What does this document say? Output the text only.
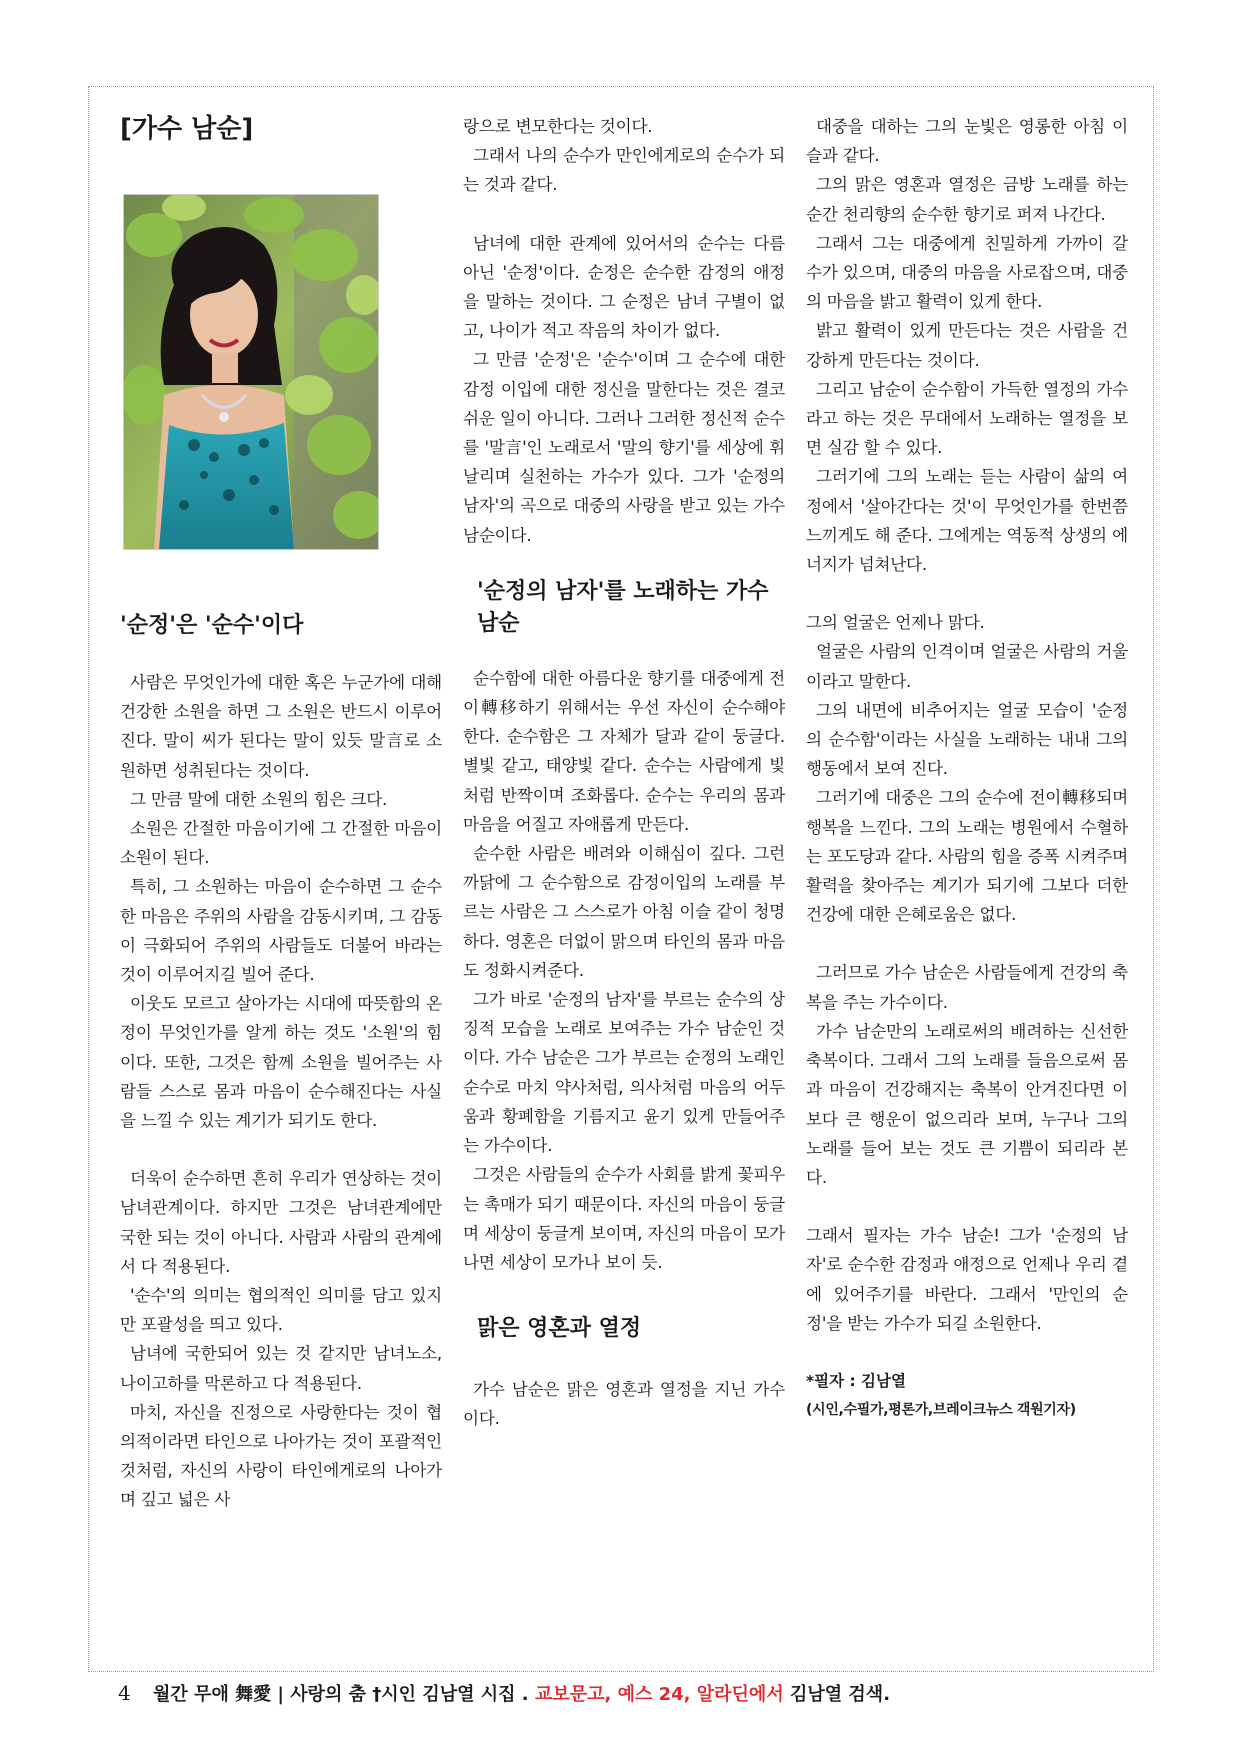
[가수 남순]
'순정'은 '순수'이다

사람은 무엇인가에 대한 혹은 누군가에 대해 건강한 소원을 하면 그 소원은 반드시 이루어진다. 말이 씨가 된다는 말이 있듯 말言로 소원하면 성취된다는 것이다.

그 만큼 말에 대한 소원의 힘은 크다.

소원은 간절한 마음이기에 그 간절한 마음이 소원이 된다.

특히, 그 소원하는 마음이 순수하면 그 순수한 마음은 주위의 사람을 감동시키며, 그 감동이 극화되어 주위의 사람들도 더불어 바라는 것이 이루어지길 빌어 준다.

이웃도 모르고 살아가는 시대에 따뜻함의 온정이 무엇인가를 알게 하는 것도 '소원'의 힘이다. 또한, 그것은 함께 소원을 빌어주는 사람들 스스로 몸과 마음이 순수해진다는 사실을 느낄 수 있는 계기가 되기도 한다.

더욱이 순수하면 흔히 우리가 연상하는 것이 남녀관계이다. 하지만 그것은 남녀관계에만 국한 되는 것이 아니다. 사람과 사람의 관계에서 다 적용된다.

'순수'의 의미는 협의적인 의미를 담고 있지만 포괄성을 띄고 있다.

남녀에 국한되어 있는 것 같지만 남녀노소, 나이고하를 막론하고 다 적용된다.

마치, 자신을 진정으로 사랑한다는 것이 협의적이라면 타인으로 나아가는 것이 포괄적인 것처럼, 자신의 사랑이 타인에게로의 나아가며 깊고 넓은 사

랑으로 변모한다는 것이다.

그래서 나의 순수가 만인에게로의 순수가 되는 것과 같다.

남녀에 대한 관계에 있어서의 순수는 다름 아닌 '순정'이다. 순정은 순수한 감정의 애정을 말하는 것이다. 그 순정은 남녀 구별이 없고, 나이가 적고 작음의 차이가 없다.

그 만큼 '순정'은 '순수'이며 그 순수에 대한 감정 이입에 대한 정신을 말한다는 것은 결코 쉬운 일이 아니다. 그러나 그러한 정신적 순수를 '말言'인 노래로서 '말의 향기'를 세상에 휘날리며 실천하는 가수가 있다. 그가 '순정의 남자'의 곡으로 대중의 사랑을 받고 있는 가수 남순이다.

'순정의 남자'를 노래하는 가수 남순

순수함에 대한 아름다운 향기를 대중에게 전이轉移하기 위해서는 우선 자신이 순수해야 한다. 순수함은 그 자체가 달과 같이 둥글다. 별빛 같고, 태양빛 같다. 순수는 사람에게 빛처럼 반짝이며 조화롭다. 순수는 우리의 몸과 마음을 어질고 자애롭게 만든다.

순수한 사람은 배려와 이해심이 깊다. 그런 까닭에 그 순수함으로 감정이입의 노래를 부르는 사람은 그 스스로가 아침 이슬 같이 청명하다. 영혼은 더없이 맑으며 타인의 몸과 마음도 정화시켜준다.

그가 바로 '순정의 남자'를 부르는 순수의 상징적 모습을 노래로 보여주는 가수 남순인 것이다. 가수 남순은 그가 부르는 순정의 노래인 순수로 마치 약사처럼, 의사처럼 마음의 어두움과 황폐함을 기름지고 윤기 있게 만들어주는 가수이다.

그것은 사람들의 순수가 사회를 밝게 꽃피우는 촉매가 되기 때문이다. 자신의 마음이 둥글며 세상이 둥글게 보이며, 자신의 마음이 모가 나면 세상이 모가나 보이 듯.

맑은 영혼과 열정

가수 남순은 맑은 영혼과 열정을 지닌 가수이다.

대중을 대하는 그의 눈빛은 영롱한 아침 이슬과 같다.

그의 맑은 영혼과 열정은 금방 노래를 하는 순간 천리향의 순수한 향기로 퍼져 나간다.

그래서 그는 대중에게 친밀하게 가까이 갈 수가 있으며, 대중의 마음을 사로잡으며, 대중의 마음을 밝고 활력이 있게 한다.

밝고 활력이 있게 만든다는 것은 사람을 건강하게 만든다는 것이다.

그리고 남순이 순수함이 가득한 열정의 가수라고 하는 것은 무대에서 노래하는 열정을 보면 실감 할 수 있다.

그러기에 그의 노래는 듣는 사람이 삶의 여정에서 '살아간다는 것'이 무엇인가를 한번쯤 느끼게도 해 준다. 그에게는 역동적 상생의 에너지가 넘쳐난다.

그의 얼굴은 언제나 맑다.

얼굴은 사람의 인격이며 얼굴은 사람의 거울이라고 말한다.

그의 내면에 비추어지는 얼굴 모습이 '순정의 순수함'이라는 사실을 노래하는 내내 그의 행동에서 보여 진다.

그러기에 대중은 그의 순수에 전이轉移되며 행복을 느낀다. 그의 노래는 병원에서 수혈하는 포도당과 같다. 사람의 힘을 증폭 시켜주며 활력을 찾아주는 계기가 되기에 그보다 더한 건강에 대한 은혜로움은 없다.

그러므로 가수 남순은 사람들에게 건강의 축복을 주는 가수이다.

가수 남순만의 노래로써의 배려하는 신선한 축복이다. 그래서 그의 노래를 들음으로써 몸과 마음이 건강해지는 축복이 안겨진다면 이 보다 큰 행운이 없으리라 보며, 누구나 그의 노래를 들어 보는 것도 큰 기쁨이 되리라 본다.

그래서 필자는 가수 남순! 그가 '순정의 남자'로 순수한 감정과 애정으로 언제나 우리 곁에 있어주기를 바란다. 그래서 '만인의 순정'을 받는 가수가 되길 소원한다.

*필자 : 김남열
(시인,수필가,평론가,브레이크뉴스 객원기자)
4 월간 무애 舞愛 | 사랑의 춤 †시인 김남열 시집 . 교보문고, 예스 24, 알라딘에서 김남열 검색.
